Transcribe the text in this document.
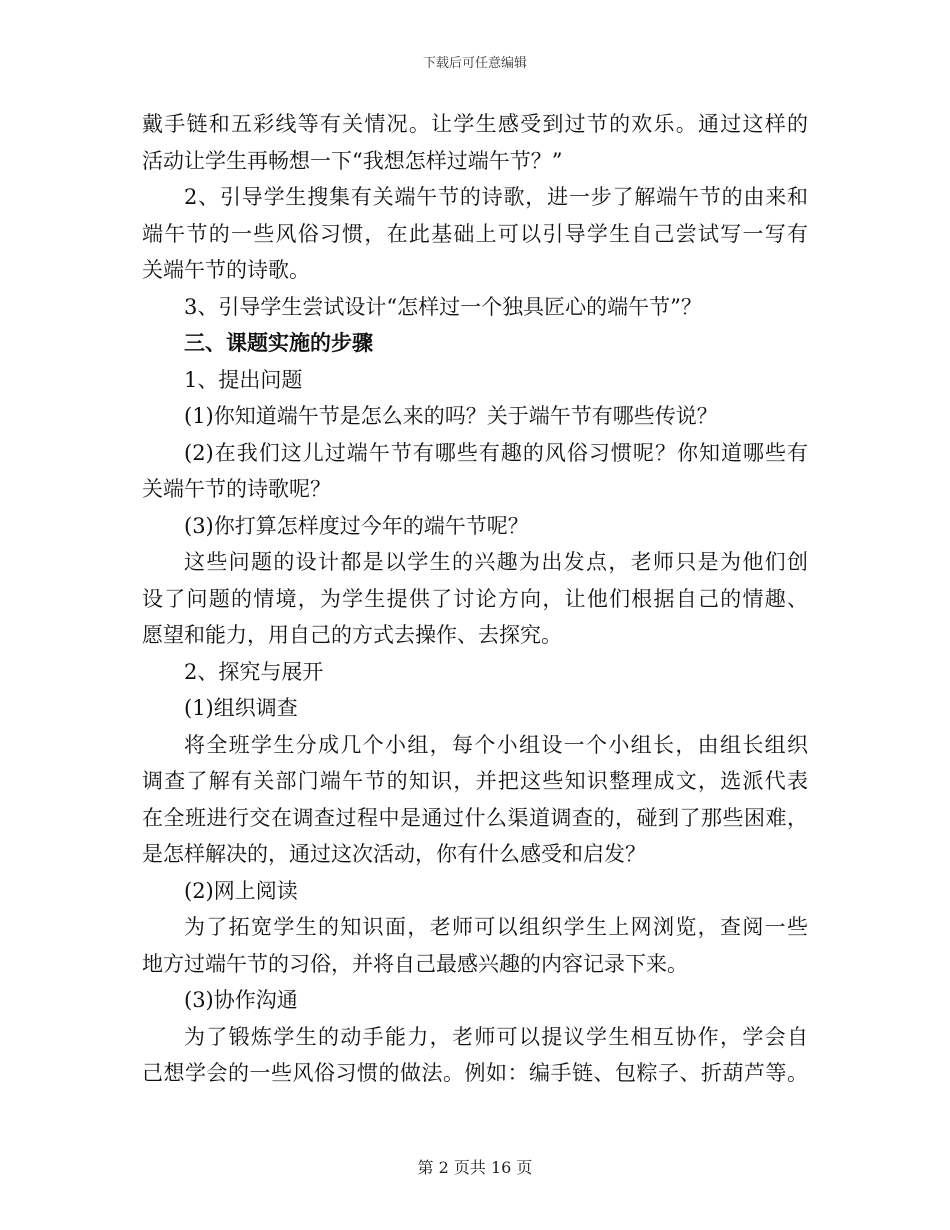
下载后可任意编辑
戴手链和五彩线等有关情况。让学生感受到过节的欢乐。通过这样的
活动让学生再畅想一下“我想怎样过端午节？”
2、引导学生搜集有关端午节的诗歌，进一步了解端午节的由来和
端午节的一些风俗习惯，在此基础上可以引导学生自己尝试写一写有
关端午节的诗歌。
3、引导学生尝试设计“怎样过一个独具匠心的端午节”？
三、课题实施的步骤
1、提出问题
(1)你知道端午节是怎么来的吗？关于端午节有哪些传说？
(2)在我们这儿过端午节有哪些有趣的风俗习惯呢？你知道哪些有
关端午节的诗歌呢？
(3)你打算怎样度过今年的端午节呢？
这些问题的设计都是以学生的兴趣为出发点，老师只是为他们创
设了问题的情境，为学生提供了讨论方向，让他们根据自己的情趣、
愿望和能力，用自己的方式去操作、去探究。
2、探究与展开
(1)组织调查
将全班学生分成几个小组，每个小组设一个小组长，由组长组织
调查了解有关部门端午节的知识，并把这些知识整理成文，选派代表
在全班进行交在调查过程中是通过什么渠道调查的，碰到了那些困难，
是怎样解决的，通过这次活动，你有什么感受和启发？
(2)网上阅读
为了拓宽学生的知识面，老师可以组织学生上网浏览，查阅一些
地方过端午节的习俗，并将自己最感兴趣的内容记录下来。
(3)协作沟通
为了锻炼学生的动手能力，老师可以提议学生相互协作，学会自
己想学会的一些风俗习惯的做法。例如：编手链、包粽子、折葫芦等。
第 2 页共 16 页
